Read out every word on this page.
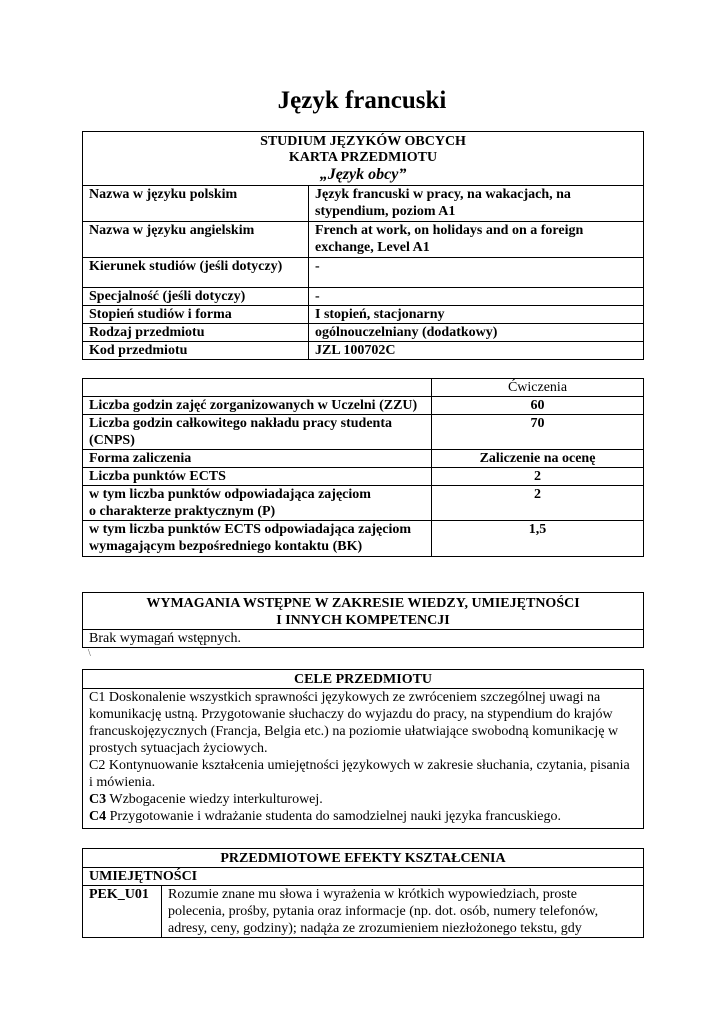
Język francuski
STUDIUM JĘZYKÓW OBCYCH
KARTA PRZEDMIOTU
„Język obcy”	

Nazwa w języku polskim	Język francuski w pracy, na wakacjach, na stypendium, poziom A1
Nazwa w języku angielskim	French at work, on holidays and on a foreign exchange, Level A1
Kierunek studiów (jeśli dotyczy)	-
Specjalność (jeśli dotyczy)	-
Stopień studiów i forma	I stopień, stacjonarny
Rodzaj przedmiotu	ogólnouczelniany (dodatkowy)
Kod przedmiotu	JZL 100702C
	Ćwiczenia
Liczba godzin zajęć zorganizowanych w Uczelni (ZZU)	60
Liczba godzin całkowitego nakładu pracy studenta (CNPS)	70
Forma zaliczenia	Zaliczenie na ocenę
Liczba punktów ECTS	2

w tym liczba punktów odpowiadająca zajęciom
o charakterze praktycznym (P)	2
w tym liczba punktów ECTS odpowiadająca zajęciom wymagającym bezpośredniego kontaktu (BK)	1,5
WYMAGANIA WSTĘPNE W ZAKRESIE WIEDZY, UMIEJĘTNOŚCI
I INNYCH KOMPETENCJI

Brak wymagań wstępnych.
\
CELE PRZEDMIOTU

C1 Doskonalenie wszystkich sprawności językowych ze zwróceniem szczególnej uwagi na komunikację ustną. Przygotowanie słuchaczy do wyjazdu do pracy, na stypendium do krajów francuskojęzycznych (Francja, Belgia etc.) na poziomie ułatwiające swobodną komunikację w prostych sytuacjach życiowych.
C2 Kontynuowanie kształcenia umiejętności językowych w zakresie słuchania, czytania, pisania i mówienia.
C3 Wzbogacenie wiedzy interkulturowej.
C4 Przygotowanie i wdrażanie studenta do samodzielnej nauki języka francuskiego.
PRZEDMIOTOWE EFEKTY KSZTAŁCENIA
UMIEJĘTNOŚCI
PEK_U01	Rozumie znane mu słowa i wyrażenia w krótkich wypowiedziach, proste polecenia, prośby, pytania oraz informacje (np. dot. osób, numery telefonów, adresy, ceny, godziny); nadąża ze zrozumieniem niezłożonego tekstu, gdy
